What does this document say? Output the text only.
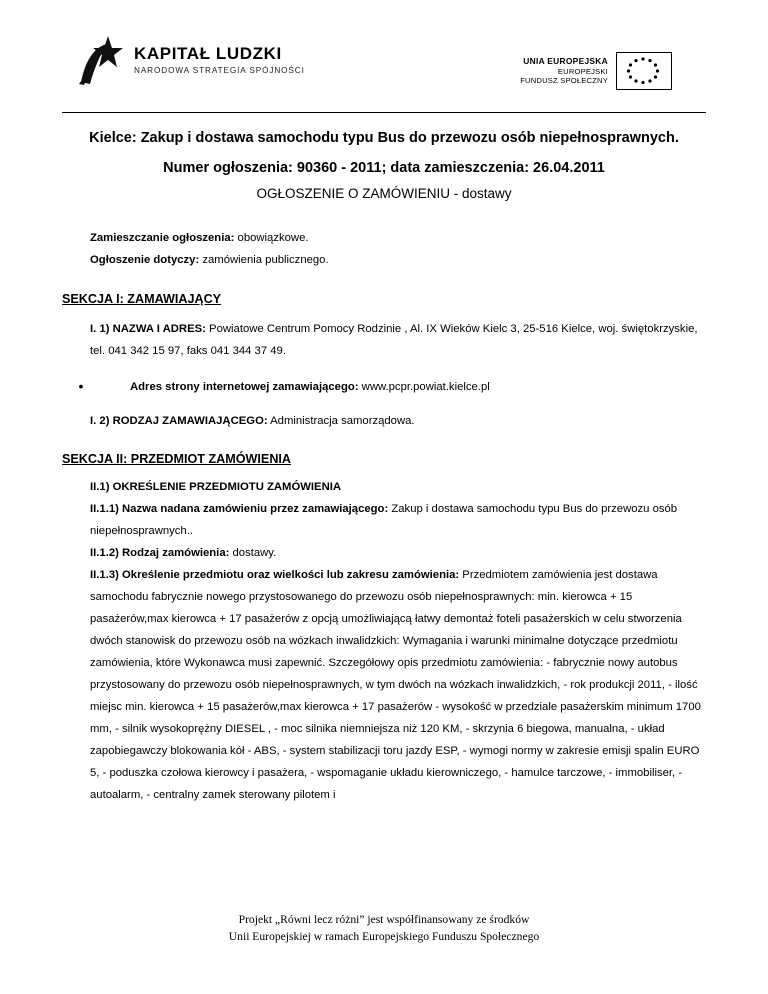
KAPITAŁ LUDZKI
NARODOWA STRATEGIA SPÓJNOŚCI
UNIA EUROPEJSKA
EUROPEJSKI
FUNDUSZ SPOŁECZNY
Kielce: Zakup i dostawa samochodu typu Bus do przewozu osób niepełnosprawnych.
Numer ogłoszenia: 90360 - 2011; data zamieszczenia: 26.04.2011
OGŁOSZENIE O ZAMÓWIENIU - dostawy
Zamieszczanie ogłoszenia: obowiązkowe.
Ogłoszenie dotyczy: zamówienia publicznego.
SEKCJA I: ZAMAWIAJĄCY
I. 1) NAZWA I ADRES: Powiatowe Centrum Pomocy Rodzinie , Al. IX Wieków Kielc 3, 25-516 Kielce, woj. świętokrzyskie, tel. 041 342 15 97, faks 041 344 37 49.
•	Adres strony internetowej zamawiającego: www.pcpr.powiat.kielce.pl
I. 2) RODZAJ ZAMAWIAJĄCEGO: Administracja samorządowa.
SEKCJA II: PRZEDMIOT ZAMÓWIENIA

II.1) OKREŚLENIE PRZEDMIOTU ZAMÓWIENIA

II.1.1) Nazwa nadana zamówieniu przez zamawiającego: Zakup i dostawa samochodu typu Bus do przewozu osób niepełnosprawnych..

II.1.2) Rodzaj zamówienia: dostawy.

II.1.3) Określenie przedmiotu oraz wielkości lub zakresu zamówienia: Przedmiotem zamówienia jest dostawa samochodu fabrycznie nowego przystosowanego do przewozu osób niepełnosprawnych: min. kierowca + 15 pasażerów,max kierowca + 17 pasażerów z opcją umożliwiającą łatwy demontaż foteli pasażerskich w celu stworzenia dwóch stanowisk do przewozu osób na wózkach inwalidzkich: Wymagania i warunki minimalne dotyczące przedmiotu zamówienia, które Wykonawca musi zapewnić. Szczegółowy opis przedmiotu zamówienia: - fabrycznie nowy autobus przystosowany do przewozu osób niepełnosprawnych, w tym dwóch na wózkach inwalidzkich, - rok produkcji 2011, - ilość miejsc min. kierowca + 15 pasażerów,max kierowca + 17 pasażerów - wysokość w przedziale pasażerskim minimum 1700 mm, - silnik wysokoprężny DIESEL , - moc silnika niemniejsza niż 120 KM, - skrzynia 6 biegowa, manualna, - układ zapobiegawczy blokowania kół - ABS, - system stabilizacji toru jazdy ESP, - wymogi normy w zakresie emisji spalin EURO 5, - poduszka czołowa kierowcy i pasażera, - wspomaganie układu kierowniczego, - hamulce tarczowe, - immobiliser, - autoalarm, - centralny zamek sterowany pilotem i

Projekt „Równi lecz różni” jest współfinansowany ze środków
Unii Europejskiej w ramach Europejskiego Funduszu Społecznego
